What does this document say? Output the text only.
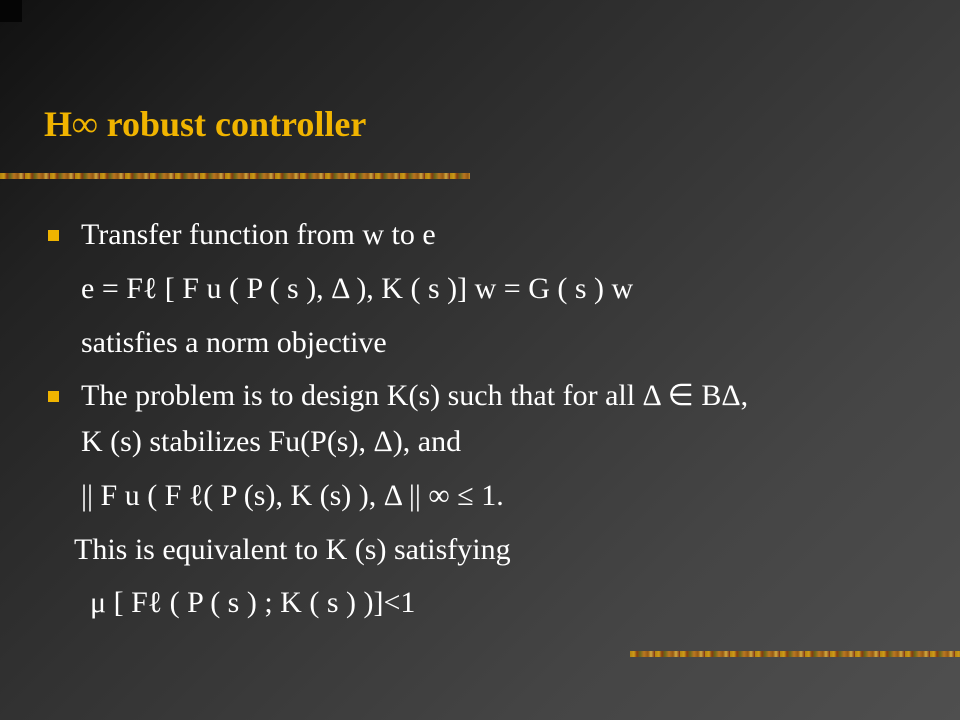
H∞ robust controller
Transfer function from w to e
e = Fℓ [ F u ( P ( s ), Δ ), K ( s )] w = G ( s ) w
satisfies a norm objective
The problem is to design K(s) such that for all Δ ∈ BΔ,
K (s) stabilizes Fu(P(s), Δ), and
|| F u ( F ℓ( P (s), K (s) ), Δ || ∞ ≤ 1.
This is equivalent to K (s) satisfying
μ [ Fℓ ( P ( s ) ; K ( s ) )]<1
